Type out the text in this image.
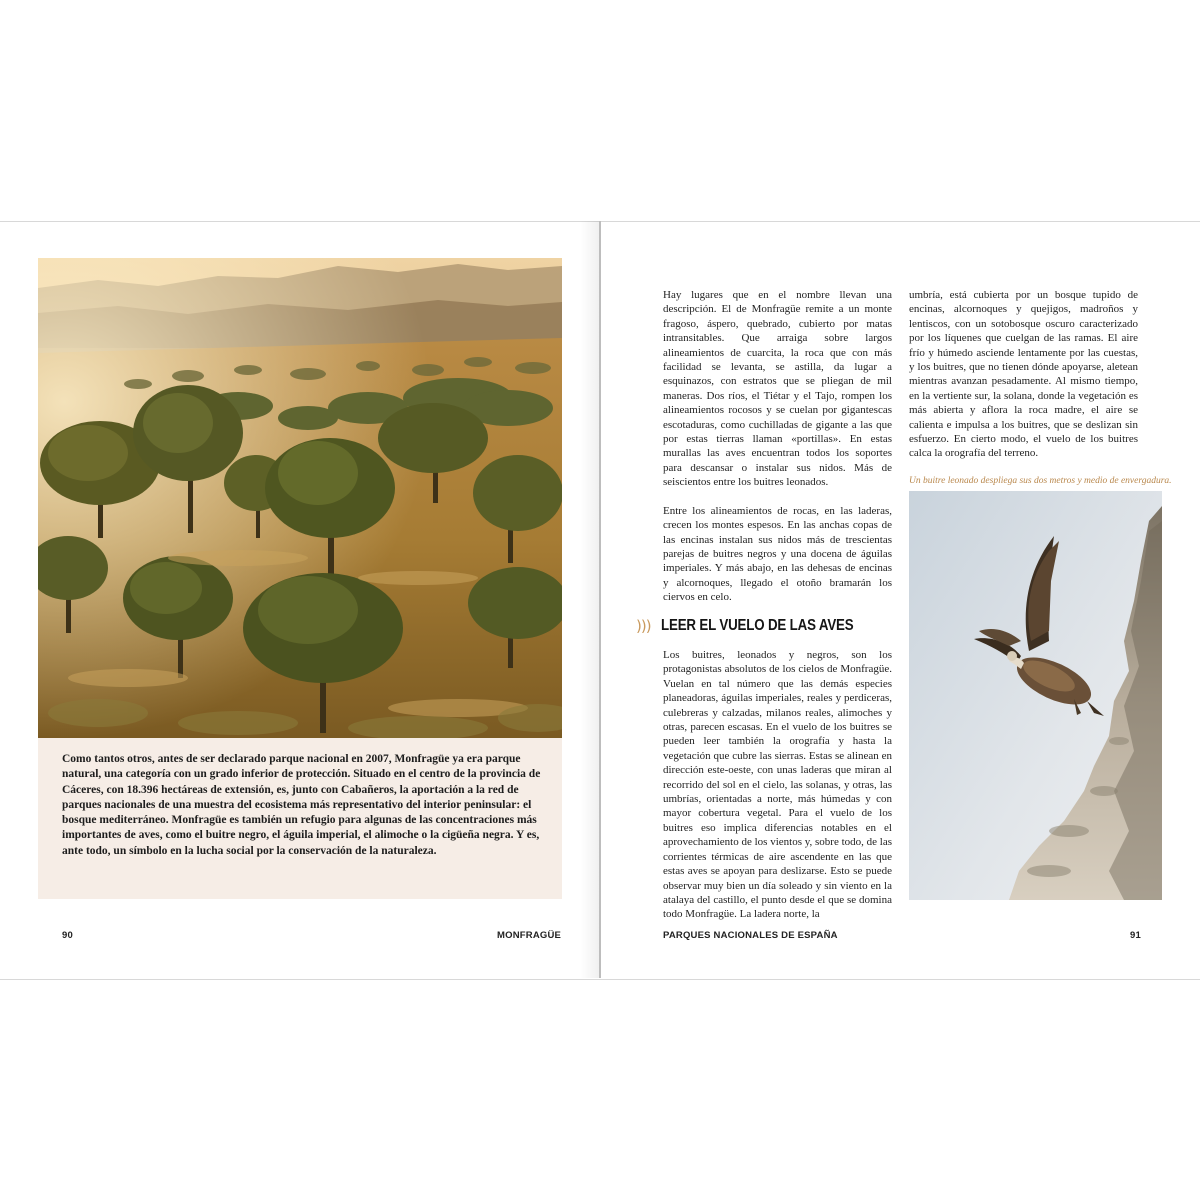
Como tantos otros, antes de ser declarado parque nacional en 2007, Monfragüe ya era parque natural, una categoría con un grado inferior de protección. Situado en el centro de la provincia de Cáceres, con 18.396 hectáreas de extensión, es, junto con Cabañeros, la aportación a la red de parques nacionales de una muestra del ecosistema más representativo del interior peninsular: el bosque mediterráneo. Monfragüe es también un refugio para algunas de las concentraciones más importantes de aves, como el buitre negro, el águila imperial, el alimoche o la cigüeña negra. Y es, ante todo, un símbolo en la lucha social por la conservación de la naturaleza.

90	MONFRAGÜE

Hay lugares que en el nombre llevan una descripción. El de Monfragüe remite a un monte fragoso, áspero, quebrado, cubierto por matas intransitables. Que arraiga sobre largos alineamientos de cuarcita, la roca que con más facilidad se levanta, se astilla, da lugar a esquinazos, con estratos que se pliegan de mil maneras. Dos ríos, el Tiétar y el Tajo, rompen los alineamientos rocosos y se cuelan por gigantescas escotaduras, como cuchilladas de gigante a las que por estas tierras llaman «portillas». En estas murallas las aves encuentran todos los soportes para descansar o instalar sus nidos. Más de seiscientos entre los buitres leonados.

Entre los alineamientos de rocas, en las laderas, crecen los montes espesos. En las anchas copas de las encinas instalan sus nidos más de trescientas parejas de buitres negros y una docena de águilas imperiales. Y más abajo, en las dehesas de encinas y alcornoques, llegado el otoño bramarán los ciervos en celo.

))) LEER EL VUELO DE LAS AVES

Los buitres, leonados y negros, son los protagonistas absolutos de los cielos de Monfragüe. Vuelan en tal número que las demás especies planeadoras, águilas imperiales, reales y perdiceras, culebreras y calzadas, milanos reales, alimoches y otras, parecen escasas. En el vuelo de los buitres se pueden leer también la orografía y hasta la vegetación que cubre las sierras. Estas se alinean en dirección este-oeste, con unas laderas que miran al recorrido del sol en el cielo, las solanas, y otras, las umbrías, orientadas a norte, más húmedas y con mayor cobertura vegetal. Para el vuelo de los buitres eso implica diferencias notables en el aprovechamiento de los vientos y, sobre todo, de las corrientes térmicas de aire ascendente en las que estas aves se apoyan para deslizarse. Esto se puede observar muy bien un día soleado y sin viento en la atalaya del castillo, el punto desde el que se domina todo Monfragüe. La ladera norte, la

umbría, está cubierta por un bosque tupido de encinas, alcornoques y quejigos, madroños y lentiscos, con un sotobosque oscuro caracterizado por los líquenes que cuelgan de las ramas. El aire frío y húmedo asciende lentamente por las cuestas, y los buitres, que no tienen dónde apoyarse, aletean mientras avanzan pesadamente. Al mismo tiempo, en la vertiente sur, la solana, donde la vegetación es más abierta y aflora la roca madre, el aire se calienta e impulsa a los buitres, que se deslizan sin esfuerzo. En cierto modo, el vuelo de los buitres calca la orografía del terreno.

Un buitre leonado despliega sus dos metros y medio de envergadura.
PARQUES NACIONALES DE ESPAÑA	91
